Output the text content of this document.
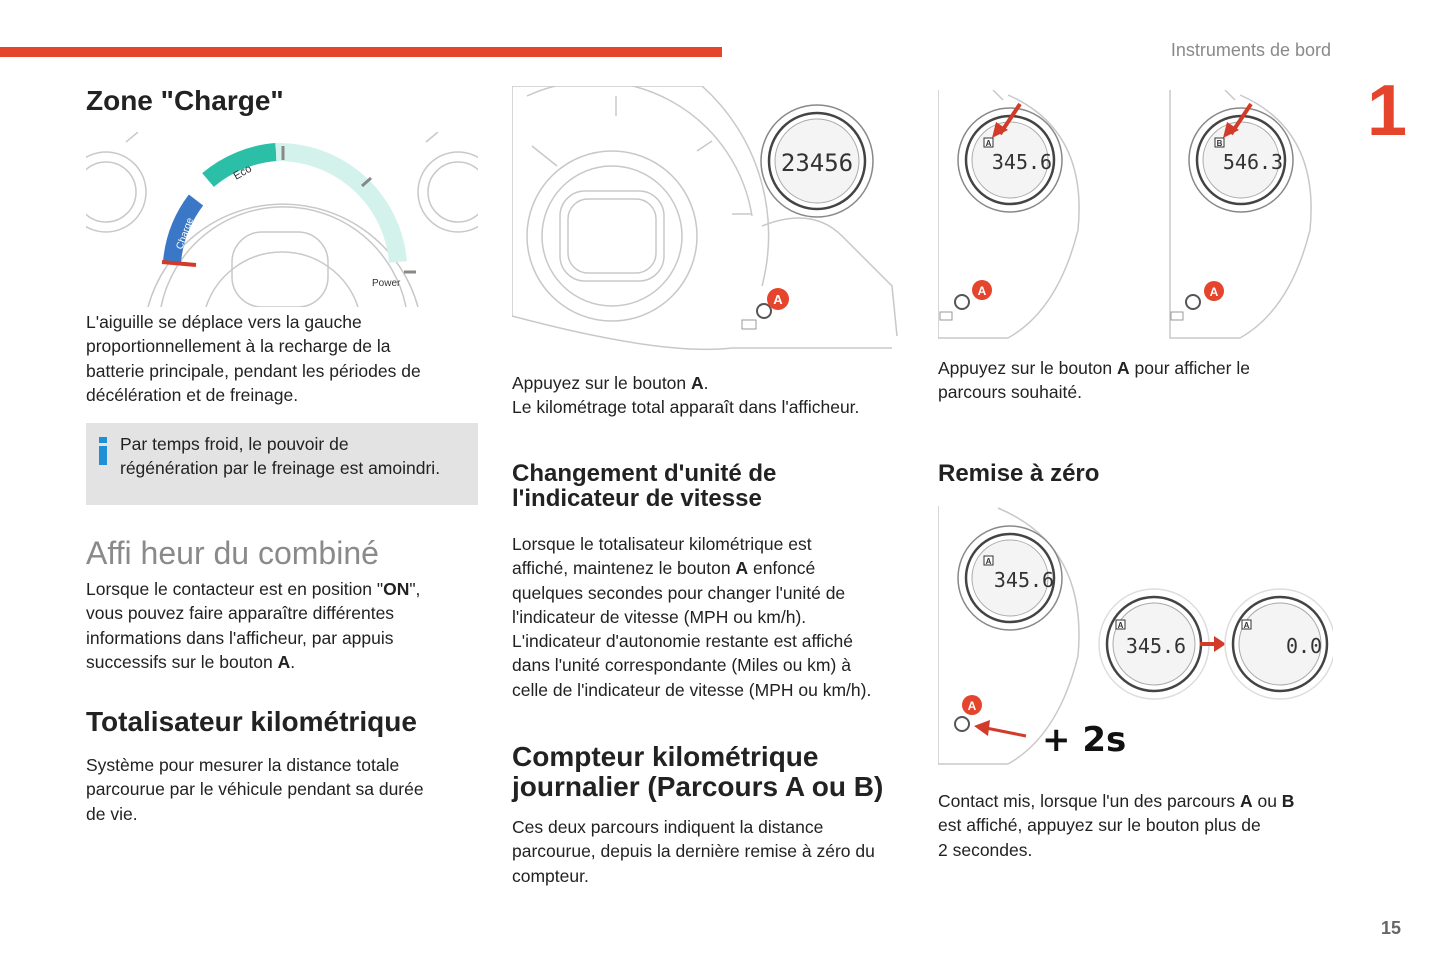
Instruments de bord
1
15
Zone "Charge"
Eco
Charge
Power

L'aiguille se déplace vers la gauche

proportionnellement à la recharge de la

batterie principale, pendant les périodes de

décélération et de freinage.

Par temps froid, le pouvoir de

régénération par le freinage est amoindri.

Affi heur du combiné

Lorsque le contacteur est en position "ON",

vous pouvez faire apparaître différentes

informations dans l'afficheur, par appuis

successifs sur le bouton A.

Totalisateur kilométrique

Système pour mesurer la distance totale

parcourue par le véhicule pendant sa durée

de vie.

23456
A

Appuyez sur le bouton A.

Le kilométrage total apparaît dans l'afficheur.

Changement d'unité de
l'indicateur de vitesse

Lorsque le totalisateur kilométrique est

affiché, maintenez le bouton A enfoncé

quelques secondes pour changer l'unité de

l'indicateur de vitesse (MPH ou km/h).

L'indicateur d'autonomie restante est affiché

dans l'unité correspondante (Miles ou km) à

celle de l'indicateur de vitesse (MPH ou km/h).

Compteur kilométrique
journalier (Parcours A ou B)

Ces deux parcours indiquent la distance

parcourue, depuis la dernière remise à zéro du

compteur.

A
345.6
A
B
546.3
A

Appuyez sur le bouton A pour afficher le

parcours souhaité.

Remise à zéro
A
345.6
A
345.6
A
0.0
A
+ 2s

Contact mis, lorsque l'un des parcours A ou B

est affiché, appuyez sur le bouton plus de

2 secondes.
